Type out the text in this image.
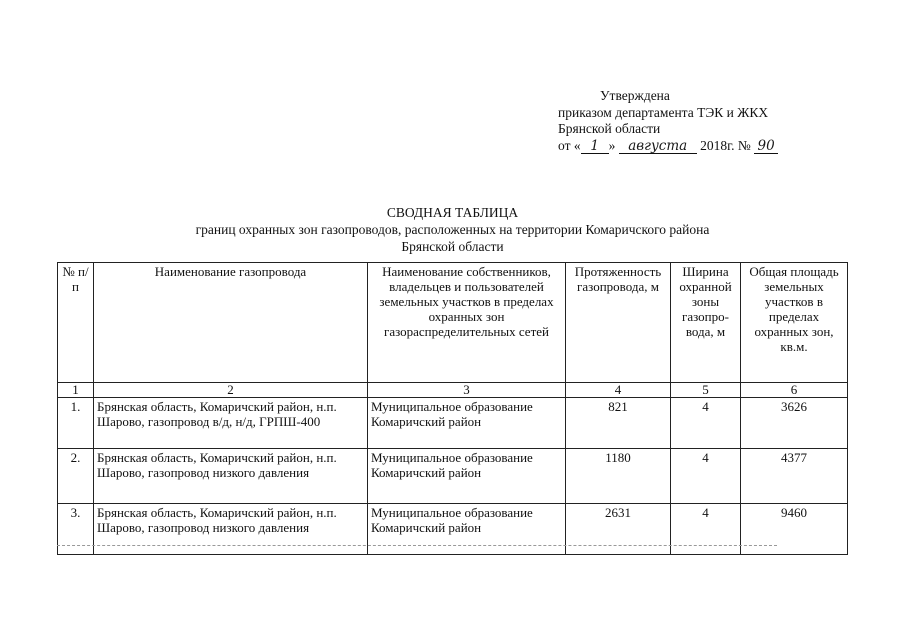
Утверждена
приказом департамента ТЭК и ЖКХ
Брянской области
от « 1 » августа 2018г. № 90
СВОДНАЯ ТАБЛИЦА
границ охранных зон газопроводов, расположенных на территории Комаричского района
Брянской области
№ п/п	Наименование газопровода	Наименование собственников, владельцев и пользователей земельных участков в пределах охранных зон газораспределительных сетей	Протяженность газопровода, м	Ширина охранной зоны газопро-вода, м	Общая площадь земельных участков в пределах охранных зон, кв.м.
1	2	3	4	5	6
1.	Брянская область, Комаричский район, н.п. Шарово, газопровод в/д, н/д, ГРПШ-400	Муниципальное образование Комаричский район	821	4	3626
2.	Брянская область, Комаричский район, н.п. Шарово, газопровод низкого давления	Муниципальное образование Комаричский район	1180	4	4377
3.	Брянская область, Комаричский район, н.п. Шарово, газопровод низкого давления	Муниципальное образование Комаричский район	2631	4	9460
